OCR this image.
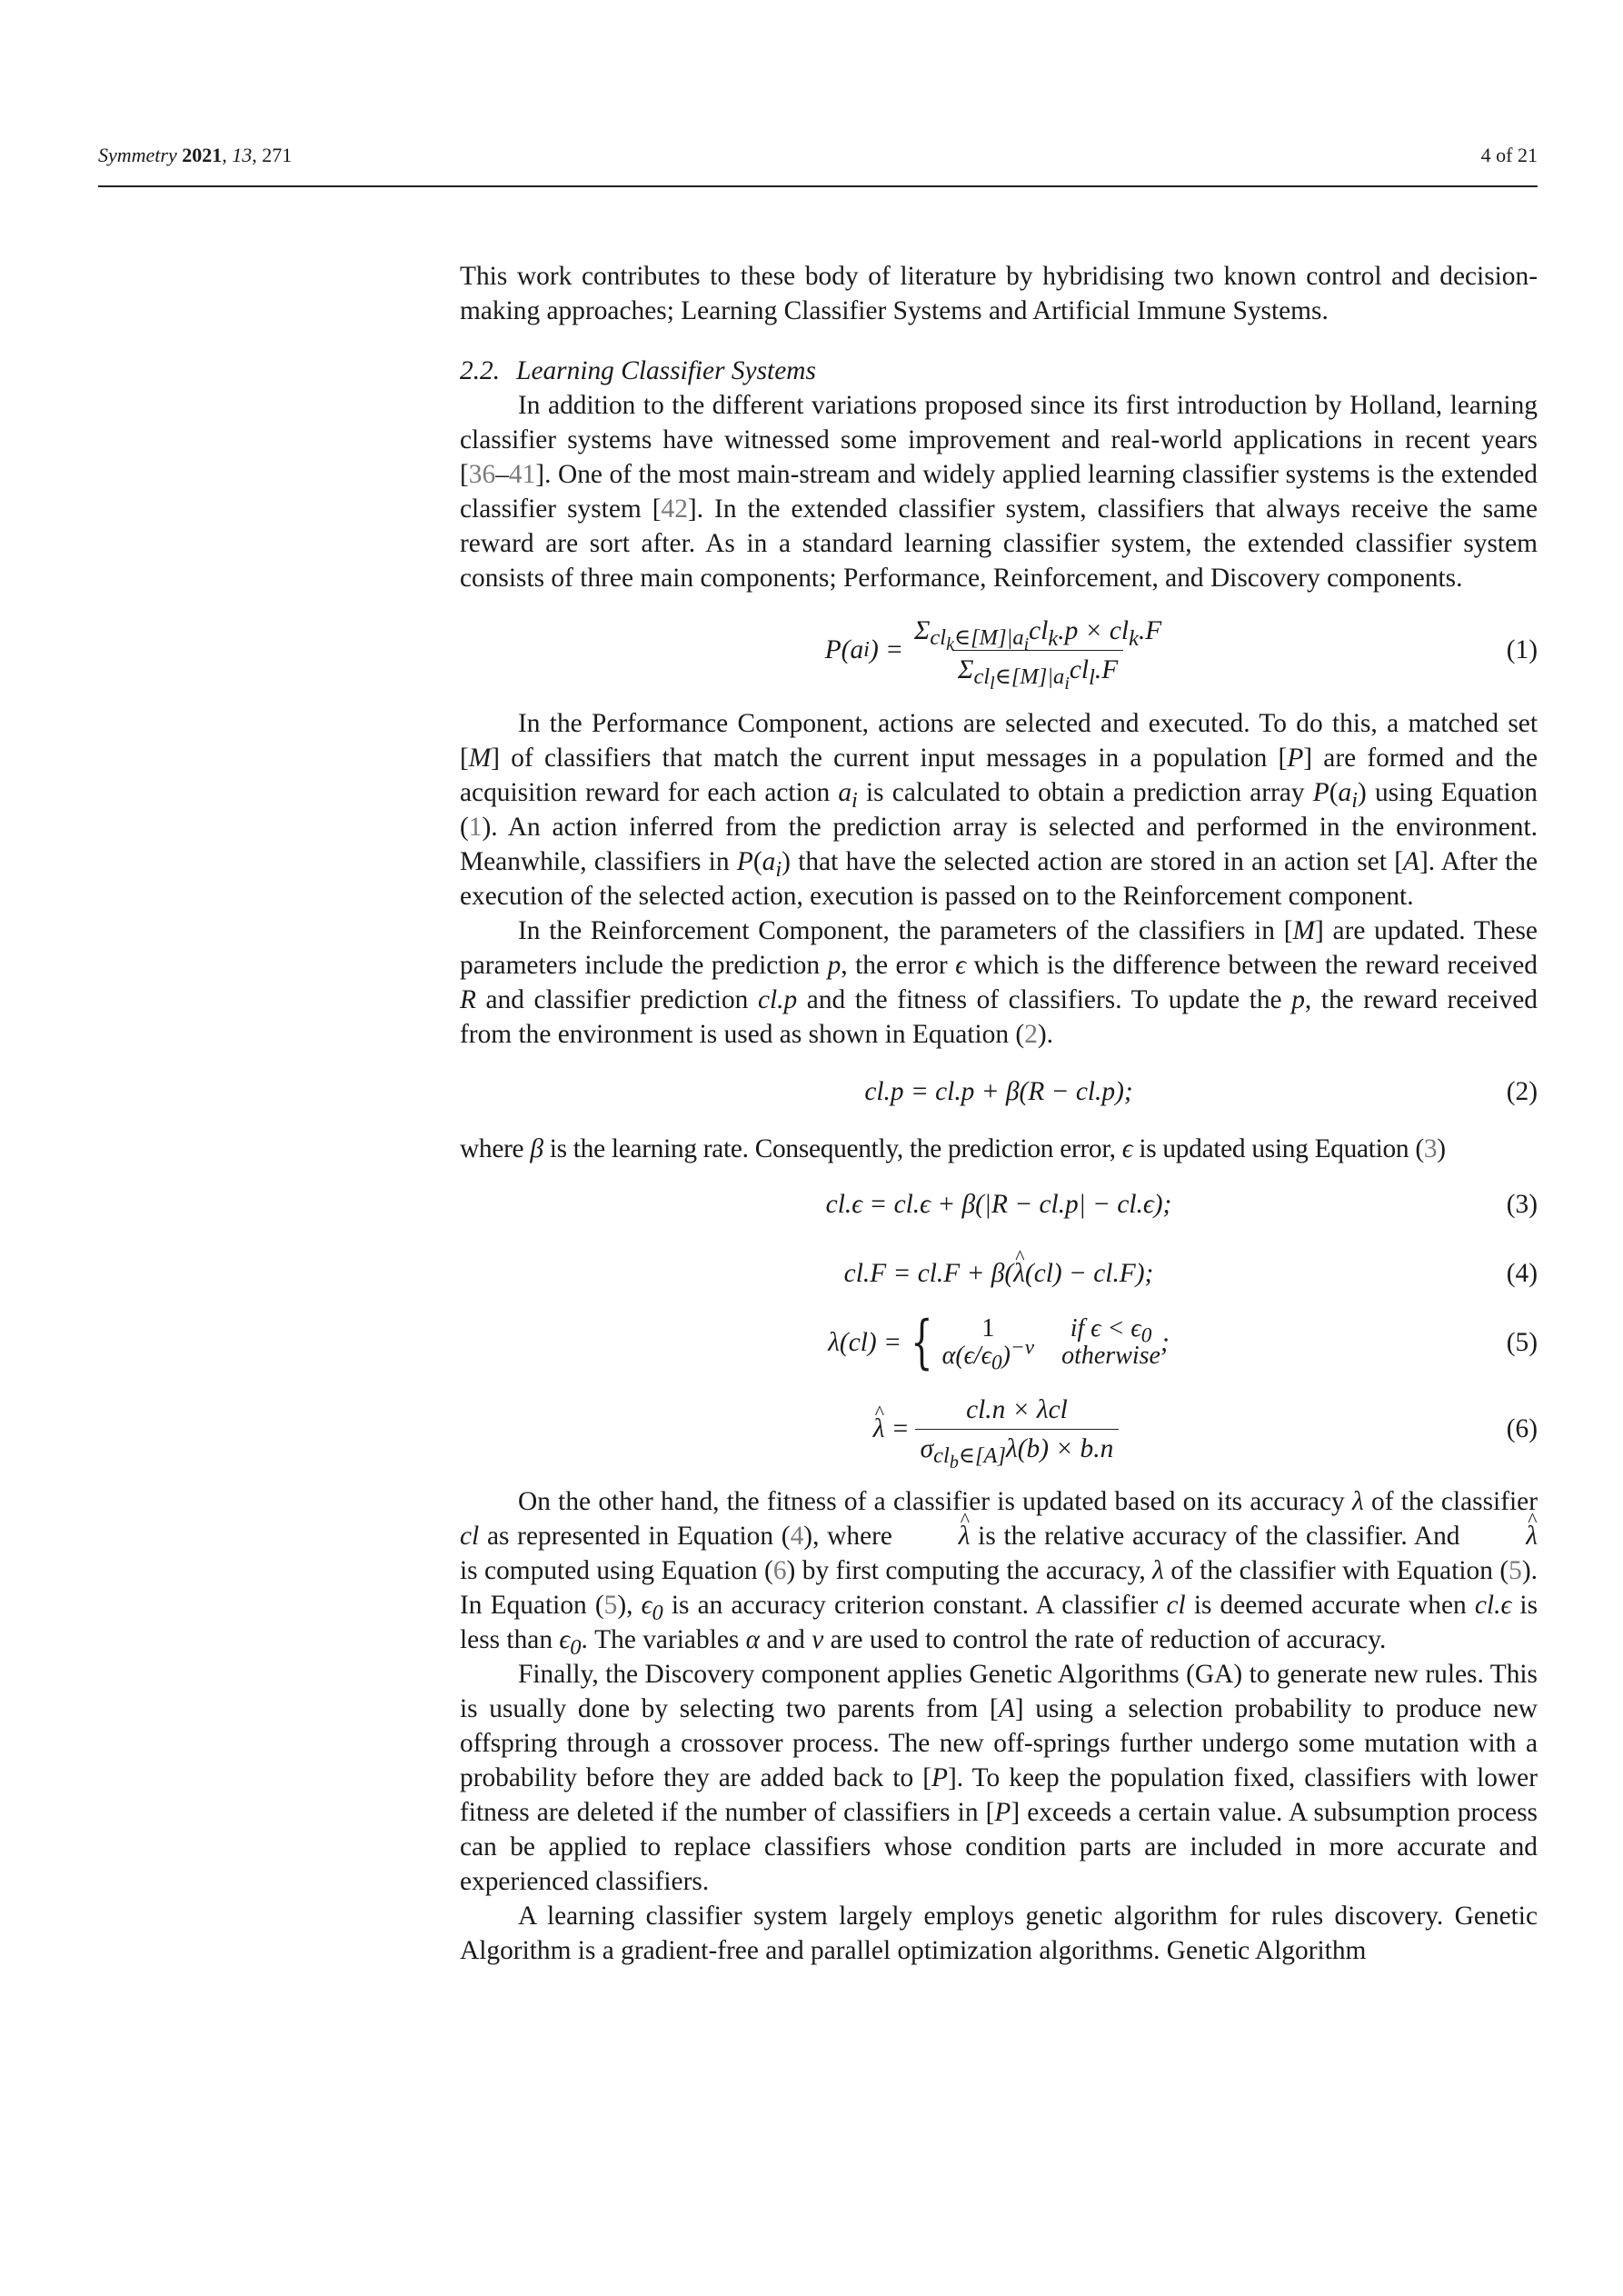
Symmetry 2021, 13, 271	4 of 21

This work contributes to these body of literature by hybridising two known control and decision-making approaches; Learning Classifier Systems and Artificial Immune Systems.

2.2. Learning Classifier Systems

In addition to the different variations proposed since its first introduction by Holland, learning classifier systems have witnessed some improvement and real-world applications in recent years [36–41]. One of the most main-stream and widely applied learning classifier systems is the extended classifier system [42]. In the extended classifier system, classifiers that always receive the same reward are sort after. As in a standard learning classifier system, the extended classifier system consists of three main components; Performance, Reinforcement, and Discovery components.

P(a i ) = $\frac{\Sigma_{cl_k\in[M]|a_i}cl_k.p \times cl_k.F}{\Sigma_{cl_l\in[M]|a_i}cl_l.F}$	(1)

In the Performance Component, actions are selected and executed. To do this, a matched set [M] of classifiers that match the current input messages in a population [P] are formed and the acquisition reward for each action $a_i$ is calculated to obtain a prediction array $P(a_i)$ using Equation (1). An action inferred from the prediction array is selected and performed in the environment. Meanwhile, classifiers in $P(a_i)$ that have the selected action are stored in an action set [A]. After the execution of the selected action, execution is passed on to the Reinforcement component.

In the Reinforcement Component, the parameters of the classifiers in [M] are updated. These parameters include the prediction p, the error ϵ which is the difference between the reward received R and classifier prediction cl.p and the fitness of classifiers. To update the p, the reward received from the environment is used as shown in Equation (2).

cl.p = cl.p + β(R − cl.p);	(2)

where β is the learning rate. Consequently, the prediction error, ϵ is updated using Equation (3)

cl.ϵ = cl.ϵ + β(|R − cl.p| − cl.ϵ);	(3)
cl.F = cl.F + β(^ λ(cl) − cl.F);	(4)
λ(cl) = {	1	if $\epsilon < \epsilon_0$
$\alpha(\epsilon/\epsilon_0)^{-v}$ otherwise ;	(5)
^ $\lambda = \frac{\text{cl.n × λcl}}{\sigma_{cl_b\in[A]}\lambda(b) \times b.n}$	(6)

On the other hand, the fitness of a classifier is updated based on its accuracy λ of the classifier cl as represented in Equation (4), where ^ λ is the relative accuracy of the classifier. And ^ λ is computed using Equation (6) by first computing the accuracy, λ of the classifier with Equation (5). In Equation (5), $\epsilon_0$ is an accuracy criterion constant. A classifier cl is deemed accurate when cl.ϵ is less than $\epsilon_0$. The variables α and v are used to control the rate of reduction of accuracy.

Finally, the Discovery component applies Genetic Algorithms (GA) to generate new rules. This is usually done by selecting two parents from [A] using a selection probability to produce new offspring through a crossover process. The new off-springs further undergo some mutation with a probability before they are added back to [P]. To keep the population fixed, classifiers with lower fitness are deleted if the number of classifiers in [P] exceeds a certain value. A subsumption process can be applied to replace classifiers whose condition parts are included in more accurate and experienced classifiers.

A learning classifier system largely employs genetic algorithm for rules discovery. Genetic Algorithm is a gradient-free and parallel optimization algorithms. Genetic Algorithm
